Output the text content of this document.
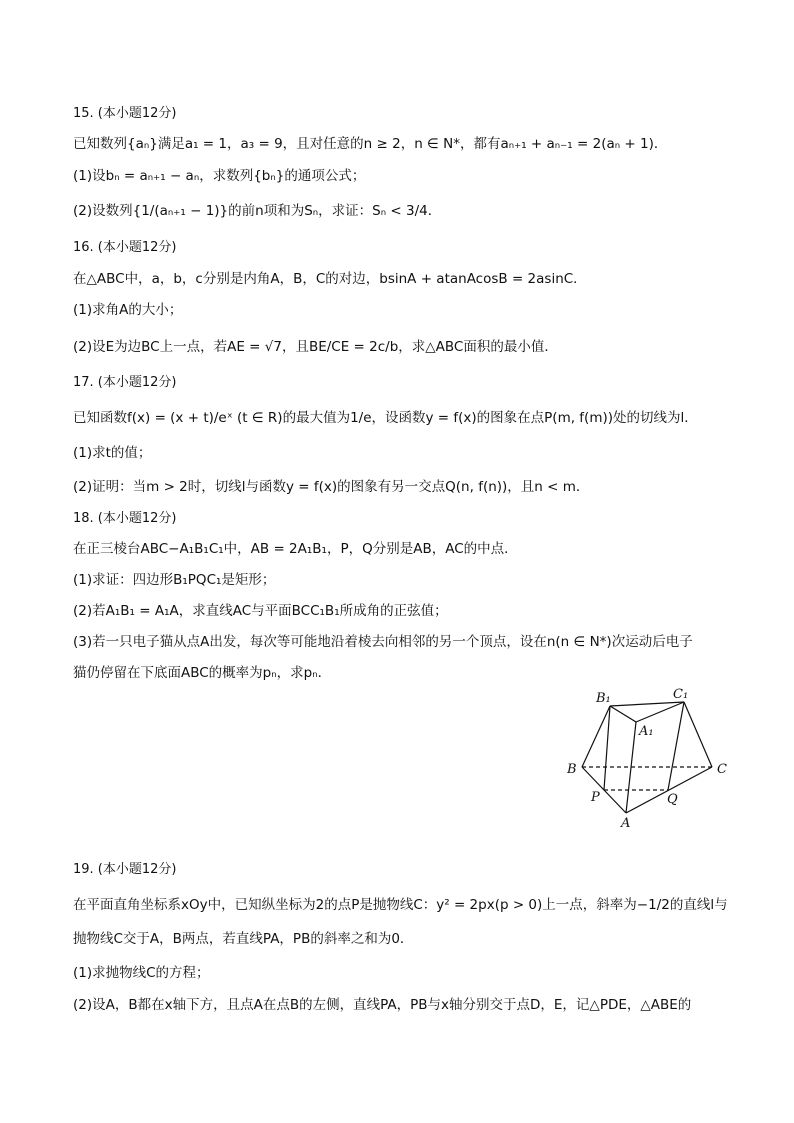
15. (本小题12分)
已知数列{aₙ}满足a₁ = 1，a₃ = 9，且对任意的n ≥ 2，n ∈ N*，都有aₙ₊₁ + aₙ₋₁ = 2(aₙ + 1)．
(1)设bₙ = aₙ₊₁ − aₙ，求数列{bₙ}的通项公式；
(2)设数列{1/(aₙ₊₁ − 1)}的前n项和为Sₙ，求证：Sₙ < 3/4．
16. (本小题12分)
在△ABC中，a，b，c分别是内角A，B，C的对边，bsinA + atanAcosB = 2asinC．
(1)求角A的大小；
(2)设E为边BC上一点，若AE = √7，且BE/CE = 2c/b，求△ABC面积的最小值．
17. (本小题12分)
已知函数f(x) = (x + t)/eˣ (t ∈ R)的最大值为1/e，设函数y = f(x)的图象在点P(m, f(m))处的切线为l．
(1)求t的值；
(2)证明：当m > 2时，切线l与函数y = f(x)的图象有另一交点Q(n, f(n))，且n < m．
18. (本小题12分)
在正三棱台ABC−A₁B₁C₁中，AB = 2A₁B₁，P，Q分别是AB，AC的中点．
(1)求证：四边形B₁PQC₁是矩形；
(2)若A₁B₁ = A₁A，求直线AC与平面BCC₁B₁所成角的正弦值；
(3)若一只电子猫从点A出发，每次等可能地沿着棱去向相邻的另一个顶点，设在n(n ∈ N*)次运动后电子
猫仍停留在下底面ABC的概率为pₙ，求pₙ．
B₁	C₁
A₁
B	C
P	Q
A
19. (本小题12分)
在平面直角坐标系xOy中，已知纵坐标为2的点P是抛物线C：y² = 2px(p > 0)上一点，斜率为−1/2的直线l与
抛物线C交于A，B两点，若直线PA，PB的斜率之和为0．
(1)求抛物线C的方程；
(2)设A，B都在x轴下方，且点A在点B的左侧，直线PA，PB与x轴分别交于点D，E，记△PDE，△ABE的
